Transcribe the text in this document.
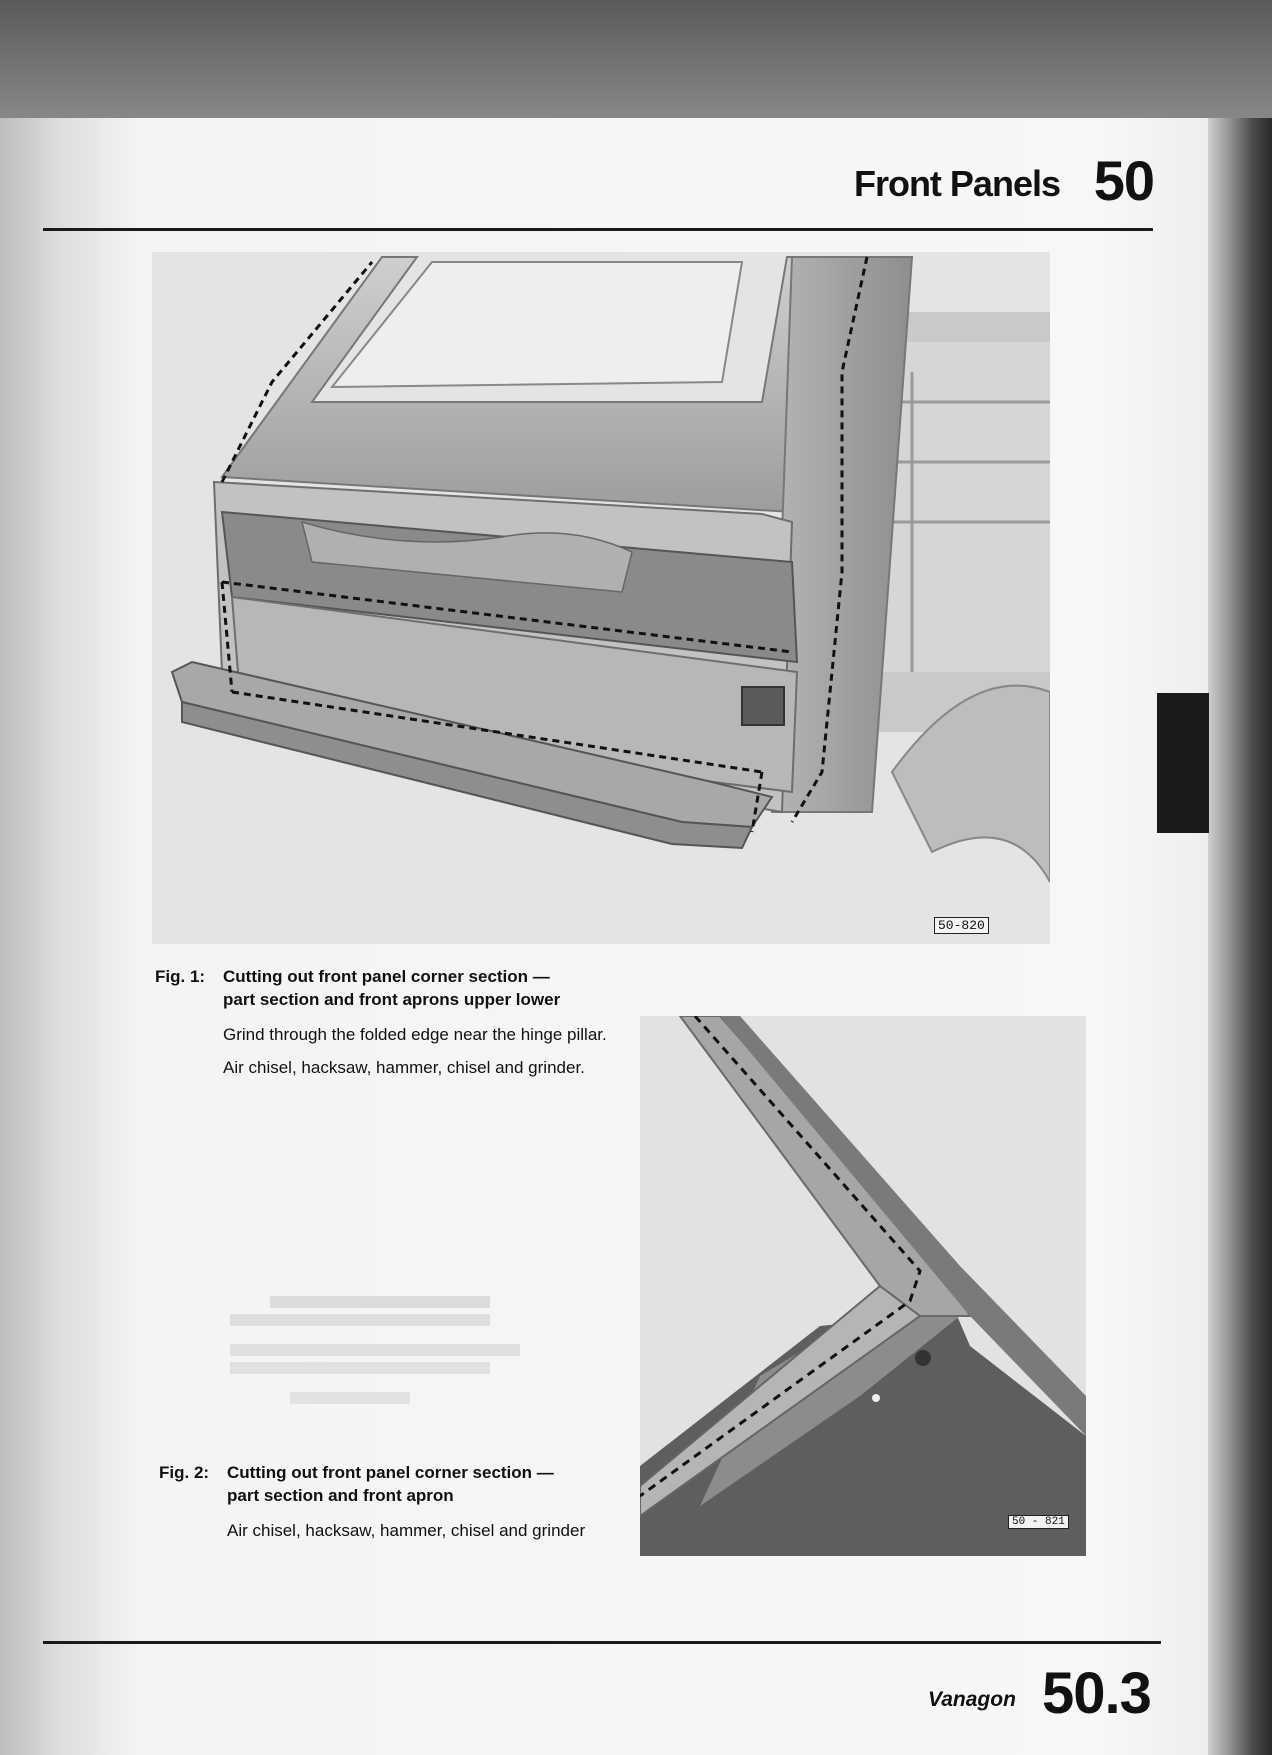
Front Panels 50
50-820
Fig. 1: Cutting out front panel corner section —
part section and front aprons upper lower

Grind through the folded edge near the hinge pillar.

Air chisel, hacksaw, hammer, chisel and grinder.

50 - 821
Fig. 2: Cutting out front panel corner section —
part section and front apron

Air chisel, hacksaw, hammer, chisel and grinder

Vanagon 50.3
